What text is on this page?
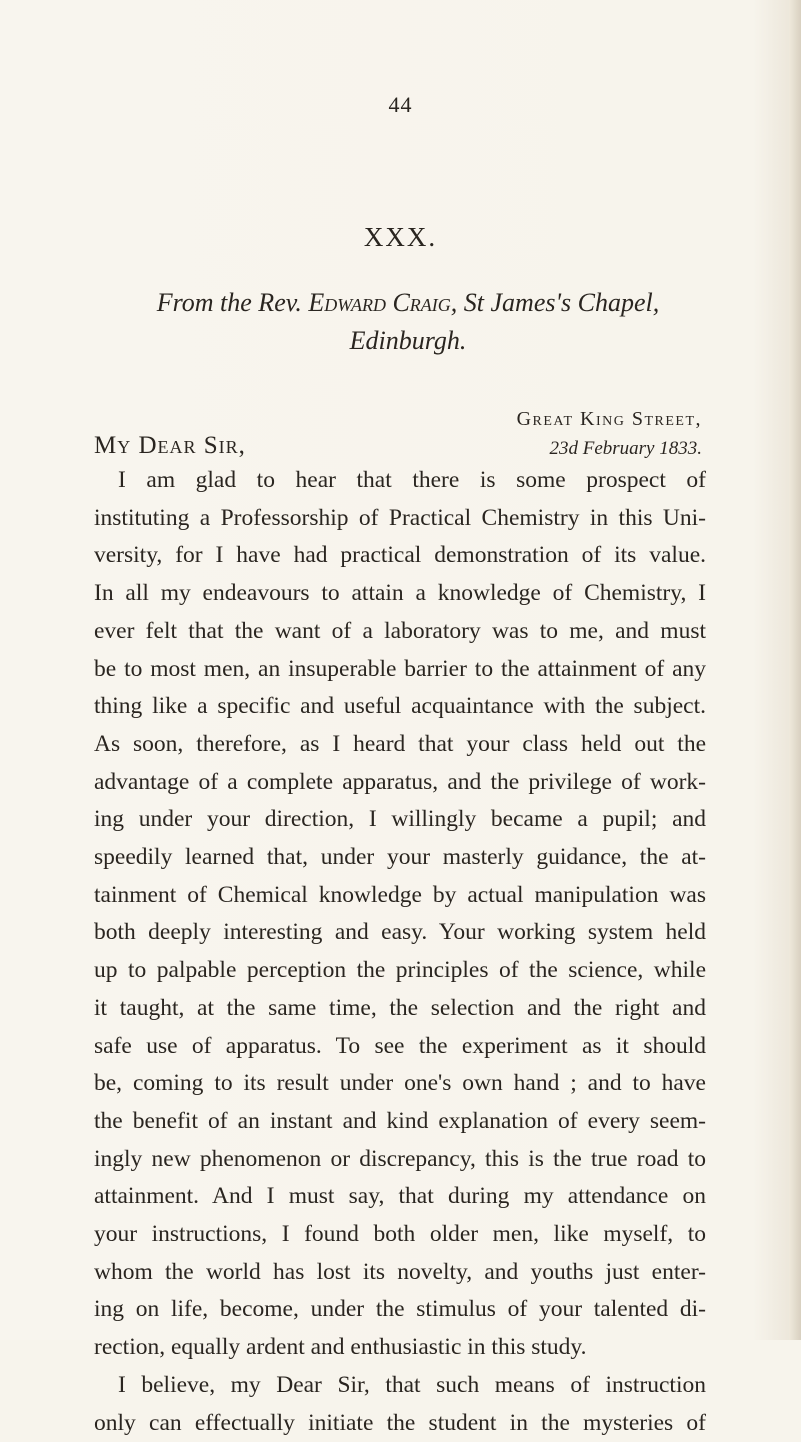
44
XXX.
From the Rev. Edward Craig, St James's Chapel,
Edinburgh.
Great King Street,
My Dear Sir,	23d February 1833.
I am glad to hear that there is some prospect of
instituting a Professorship of Practical Chemistry in this Uni-
versity, for I have had practical demonstration of its value.
In all my endeavours to attain a knowledge of Chemistry, I
ever felt that the want of a laboratory was to me, and must
be to most men, an insuperable barrier to the attainment of any
thing like a specific and useful acquaintance with the subject.
As soon, therefore, as I heard that your class held out the
advantage of a complete apparatus, and the privilege of work-
ing under your direction, I willingly became a pupil; and
speedily learned that, under your masterly guidance, the at-
tainment of Chemical knowledge by actual manipulation was
both deeply interesting and easy. Your working system held
up to palpable perception the principles of the science, while
it taught, at the same time, the selection and the right and
safe use of apparatus. To see the experiment as it should
be, coming to its result under one's own hand ; and to have
the benefit of an instant and kind explanation of every seem-
ingly new phenomenon or discrepancy, this is the true road to
attainment. And I must say, that during my attendance on
your instructions, I found both older men, like myself, to
whom the world has lost its novelty, and youths just enter-
ing on life, become, under the stimulus of your talented di-
rection, equally ardent and enthusiastic in this study.
I believe, my Dear Sir, that such means of instruction
only can effectually initiate the student in the mysteries of
